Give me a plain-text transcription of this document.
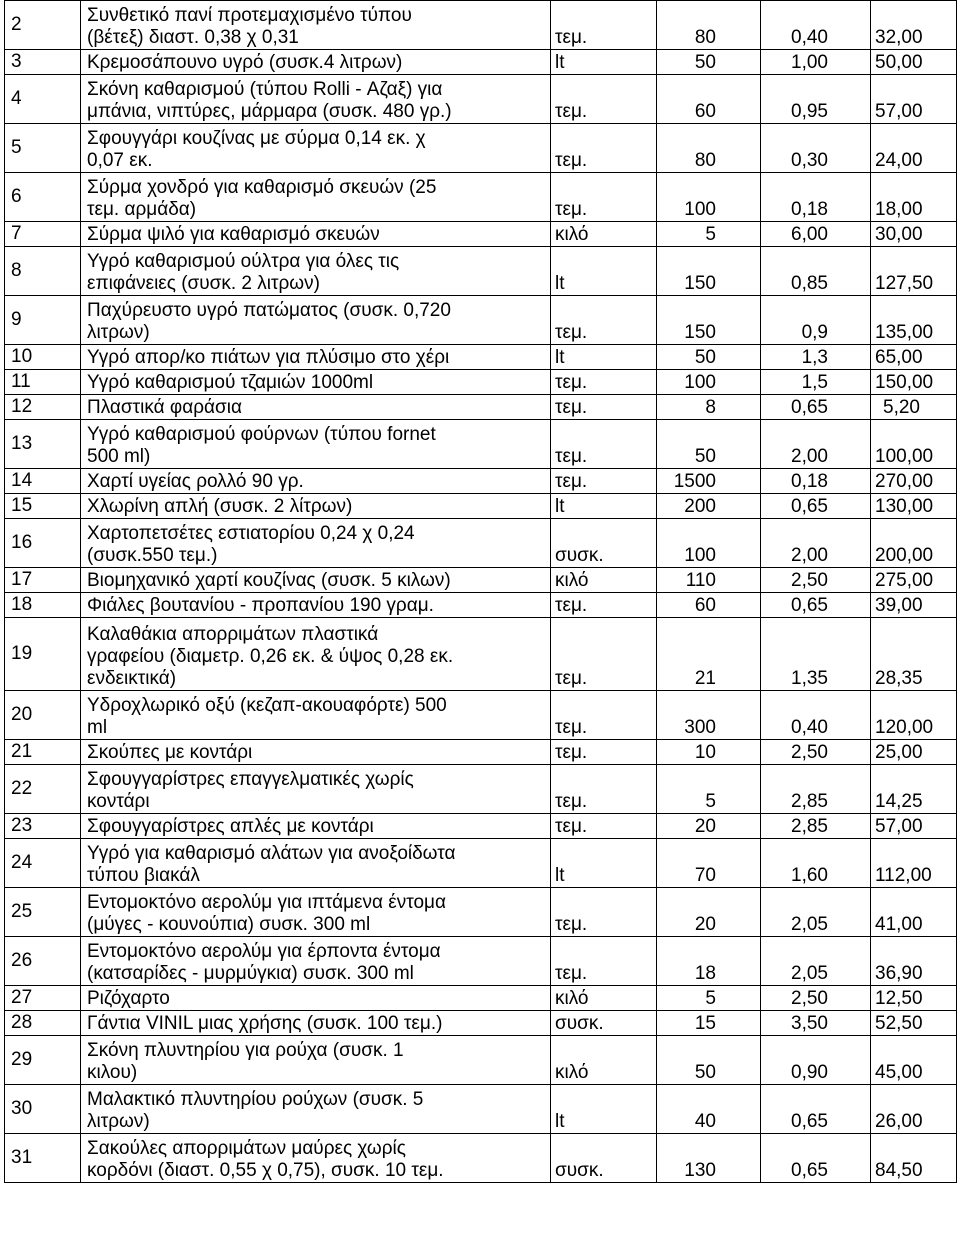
2	Συνθετικό πανί προτεμαχισμένο τύπου
(βέτεξ) διαστ. 0,38 χ 0,31	τεμ.	80	0,40	32,00
3	Κρεμοσάπουνο υγρό (συσκ.4 λιτρων)	lt	50	1,00	50,00
4	Σκόνη καθαρισμού (τύπου Rolli - Αζαξ) για
μπάνια, νιπτύρες, μάρμαρα (συσκ. 480 γρ.)	τεμ.	60	0,95	57,00
5	Σφουγγάρι κουζίνας με σύρμα 0,14 εκ. χ
0,07 εκ.	τεμ.	80	0,30	24,00
6	Σύρμα χονδρό για καθαρισμό σκευών (25
τεμ. αρμάδα)	τεμ.	100	0,18	18,00
7	Σύρμα ψιλό για καθαρισμό σκευών	κιλό	5	6,00	30,00
8	Υγρό καθαρισμού ούλτρα για όλες τις
επιφάνειες (συσκ. 2 λιτρων)	lt	150	0,85	127,50
9	Παχύρευστο υγρό πατώματος (συσκ. 0,720
λιτρων)	τεμ.	150	0,9	135,00
10	Υγρό απορ/κο πιάτων για πλύσιμο στο χέρι	lt	50	1,3	65,00
11	Υγρό καθαρισμού τζαμιών 1000ml	τεμ.	100	1,5	150,00
12	Πλαστικά φαράσια	τεμ.	8	0,65	5,20
13	Υγρό καθαρισμού φούρνων (τύπου fornet
500 ml)	τεμ.	50	2,00	100,00
14	Χαρτί υγείας ρολλό 90 γρ.	τεμ.	1500	0,18	270,00
15	Χλωρίνη απλή (συσκ. 2 λίτρων)	lt	200	0,65	130,00
16	Χαρτοπετσέτες εστιατορίου 0,24 χ 0,24
(συσκ.550 τεμ.)	συσκ.	100	2,00	200,00
17	Βιομηχανικό χαρτί κουζίνας (συσκ. 5 κιλων)	κιλό	110	2,50	275,00
18	Φιάλες βουτανίου - προπανίου 190 γραμ.	τεμ.	60	0,65	39,00
19	Καλαθάκια απορριμάτων πλαστικά
γραφείου (διαμετρ. 0,26 εκ. & ύψος 0,28 εκ.
ενδεικτικά)	τεμ.	21	1,35	28,35
20	Υδροχλωρικό οξύ (κεζαπ-ακουαφόρτε) 500
ml	τεμ.	300	0,40	120,00
21	Σκούπες με κοντάρι	τεμ.	10	2,50	25,00
22	Σφουγγαρίστρες επαγγελματικές χωρίς
κοντάρι	τεμ.	5	2,85	14,25
23	Σφουγγαρίστρες απλές με κοντάρι	τεμ.	20	2,85	57,00
24	Υγρό για καθαρισμό αλάτων για ανοξοίδωτα
τύπου βιακάλ	lt	70	1,60	112,00
25	Εντομοκτόνο αερολύμ για ιπτάμενα έντομα
(μύγες - κουνούπια) συσκ. 300 ml	τεμ.	20	2,05	41,00
26	Εντομοκτόνο αερολύμ για έρποντα έντομα
(κατσαρίδες - μυρμύγκια) συσκ. 300 ml	τεμ.	18	2,05	36,90
27	Ριζόχαρτο	κιλό	5	2,50	12,50
28	Γάντια VINIL μιας χρήσης (συσκ. 100 τεμ.)	συσκ.	15	3,50	52,50
29	Σκόνη πλυντηρίου για ρούχα (συσκ. 1
κιλου)	κιλό	50	0,90	45,00
30	Μαλακτικό πλυντηρίου ρούχων (συσκ. 5
λιτρων)	lt	40	0,65	26,00
31	Σακούλες απορριμάτων μαύρες χωρίς
κορδόνι (διαστ. 0,55 χ 0,75), συσκ. 10 τεμ.	συσκ.	130	0,65	84,50
